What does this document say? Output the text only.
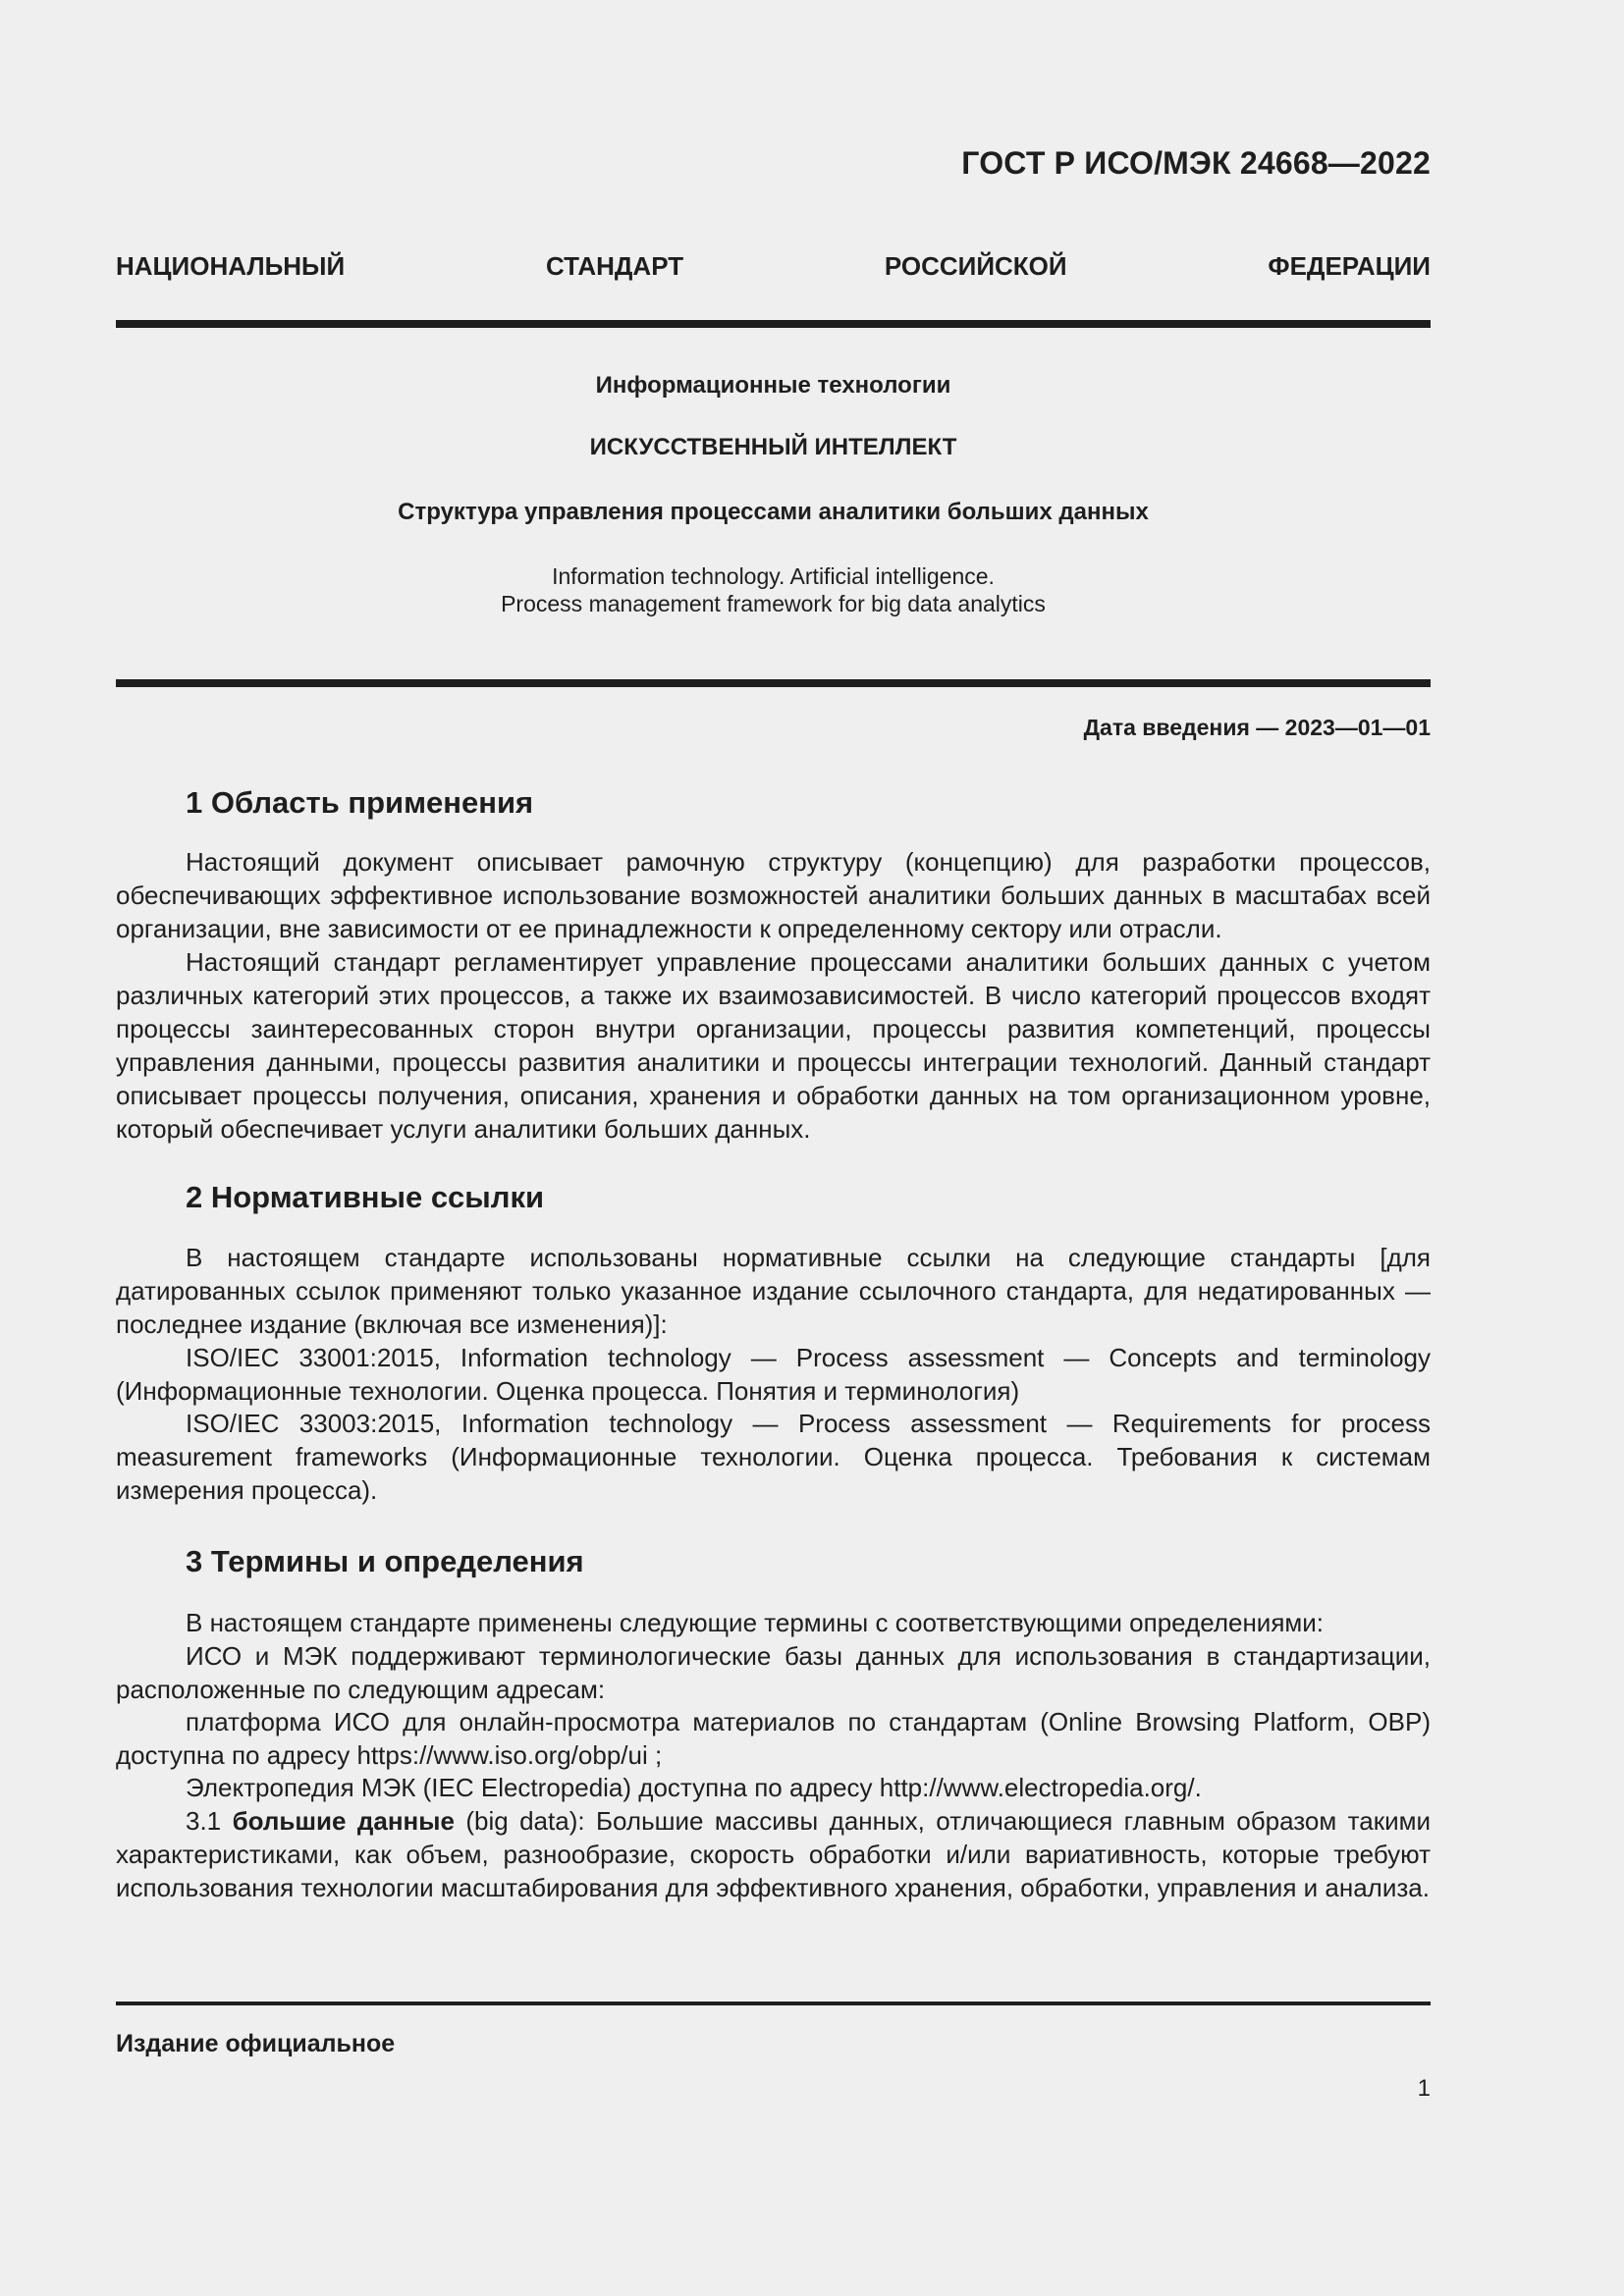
ГОСТ Р ИСО/МЭК 24668—2022
НАЦИОНАЛЬНЫЙ СТАНДАРТ РОССИЙСКОЙ ФЕДЕРАЦИИ
Информационные технологии
ИСКУССТВЕННЫЙ ИНТЕЛЛЕКТ
Структура управления процессами аналитики больших данных
Information technology. Artificial intelligence.
Process management framework for big data analytics
Дата введения — 2023—01—01
1 Область применения

Настоящий документ описывает рамочную структуру (концепцию) для разработки процессов, обеспечивающих эффективное использование возможностей аналитики больших данных в масштабах всей организации, вне зависимости от ее принадлежности к определенному сектору или отрасли.

Настоящий стандарт регламентирует управление процессами аналитики больших данных с учетом различных категорий этих процессов, а также их взаимозависимостей. В число категорий процессов входят процессы заинтересованных сторон внутри организации, процессы развития компетенций, процессы управления данными, процессы развития аналитики и процессы интеграции технологий. Данный стандарт описывает процессы получения, описания, хранения и обработки данных на том организационном уровне, который обеспечивает услуги аналитики больших данных.

2 Нормативные ссылки

В настоящем стандарте использованы нормативные ссылки на следующие стандарты [для датированных ссылок применяют только указанное издание ссылочного стандарта, для недатированных — последнее издание (включая все изменения)]:

ISO/IEC 33001:2015, Information technology — Process assessment — Concepts and terminology (Информационные технологии. Оценка процесса. Понятия и терминология)

ISO/IEC 33003:2015, Information technology — Process assessment — Requirements for process measurement frameworks (Информационные технологии. Оценка процесса. Требования к системам измерения процесса).

3 Термины и определения

В настоящем стандарте применены следующие термины с соответствующими определениями:

ИСО и МЭК поддерживают терминологические базы данных для использования в стандартизации, расположенные по следующим адресам:

платформа ИСО для онлайн-просмотра материалов по стандартам (Online Browsing Platform, OBP) доступна по адресу https://www.iso.org/obp/ui ;

Электропедия МЭК (IEC Electropedia) доступна по адресу http://www.electropedia.org/.

3.1 большие данные (big data): Большие массивы данных, отличающиеся главным образом такими характеристиками, как объем, разнообразие, скорость обработки и/или вариативность, которые требуют использования технологии масштабирования для эффективного хранения, обработки, управления и анализа.

Издание официальное
1
